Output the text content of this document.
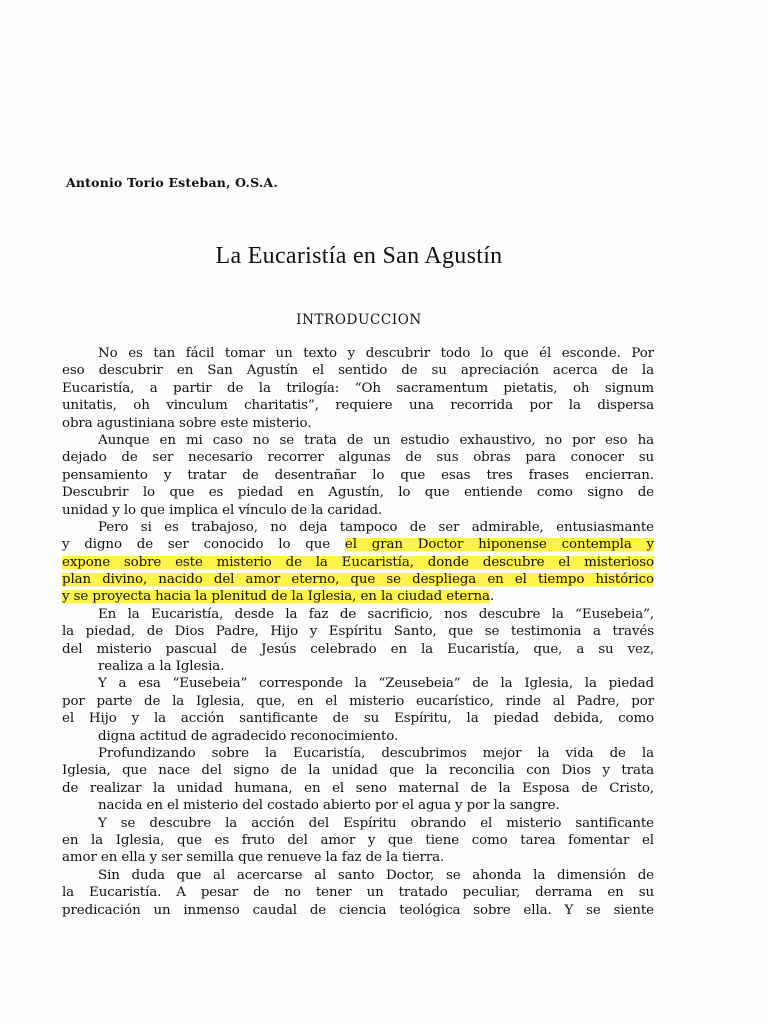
Antonio Torio Esteban, O.S.A.
La Eucaristía en San Agustín
INTRODUCCION
No es tan fácil tomar un texto y descubrir todo lo que él esconde. Por
eso descubrir en San Agustín el sentido de su apreciación acerca de la
Eucaristía, a partir de la trilogía: “Oh sacramentum pietatis, oh signum
unitatis, oh vinculum charitatis”, requiere una recorrida por la dispersa
obra agustiniana sobre este misterio.
Aunque en mi caso no se trata de un estudio exhaustivo, no por eso ha
dejado de ser necesario recorrer algunas de sus obras para conocer su
pensamiento y tratar de desentrañar lo que esas tres frases encierran.
Descubrir lo que es piedad en Agustín, lo que entiende como signo de
unidad y lo que implica el vínculo de la caridad.
Pero si es trabajoso, no deja tampoco de ser admirable, entusiasmante
y digno de ser conocido lo que el gran Doctor hiponense contempla y
expone sobre este misterio de la Eucaristía, donde descubre el misterioso
plan divino, nacido del amor eterno, que se despliega en el tiempo histórico
y se proyecta hacia la plenitud de la Iglesia, en la ciudad eterna.
En la Eucaristía, desde la faz de sacrificio, nos descubre la “Eusebeia”,
la piedad, de Dios Padre, Hijo y Espíritu Santo, que se testimonia a través
del misterio pascual de Jesús celebrado en la Eucaristía, que, a su vez,
realiza a la Iglesia.
Y a esa “Eusebeia” corresponde la “Zeusebeia” de la Iglesia, la piedad
por parte de la Iglesia, que, en el misterio eucarístico, rinde al Padre, por
el Hijo y la acción santificante de su Espíritu, la piedad debida, como
digna actitud de agradecido reconocimiento.
Profundizando sobre la Eucaristía, descubrimos mejor la vida de la
Iglesia, que nace del signo de la unidad que la reconcilia con Dios y trata
de realizar la unidad humana, en el seno maternal de la Esposa de Cristo,
nacida en el misterio del costado abierto por el agua y por la sangre.
Y se descubre la acción del Espíritu obrando el misterio santificante
en la Iglesia, que es fruto del amor y que tiene como tarea fomentar el
amor en ella y ser semilla que renueve la faz de la tierra.
Sin duda que al acercarse al santo Doctor, se ahonda la dimensión de
la Eucaristía. A pesar de no tener un tratado peculiar, derrama en su
predicación un inmenso caudal de ciencia teológica sobre ella. Y se siente
